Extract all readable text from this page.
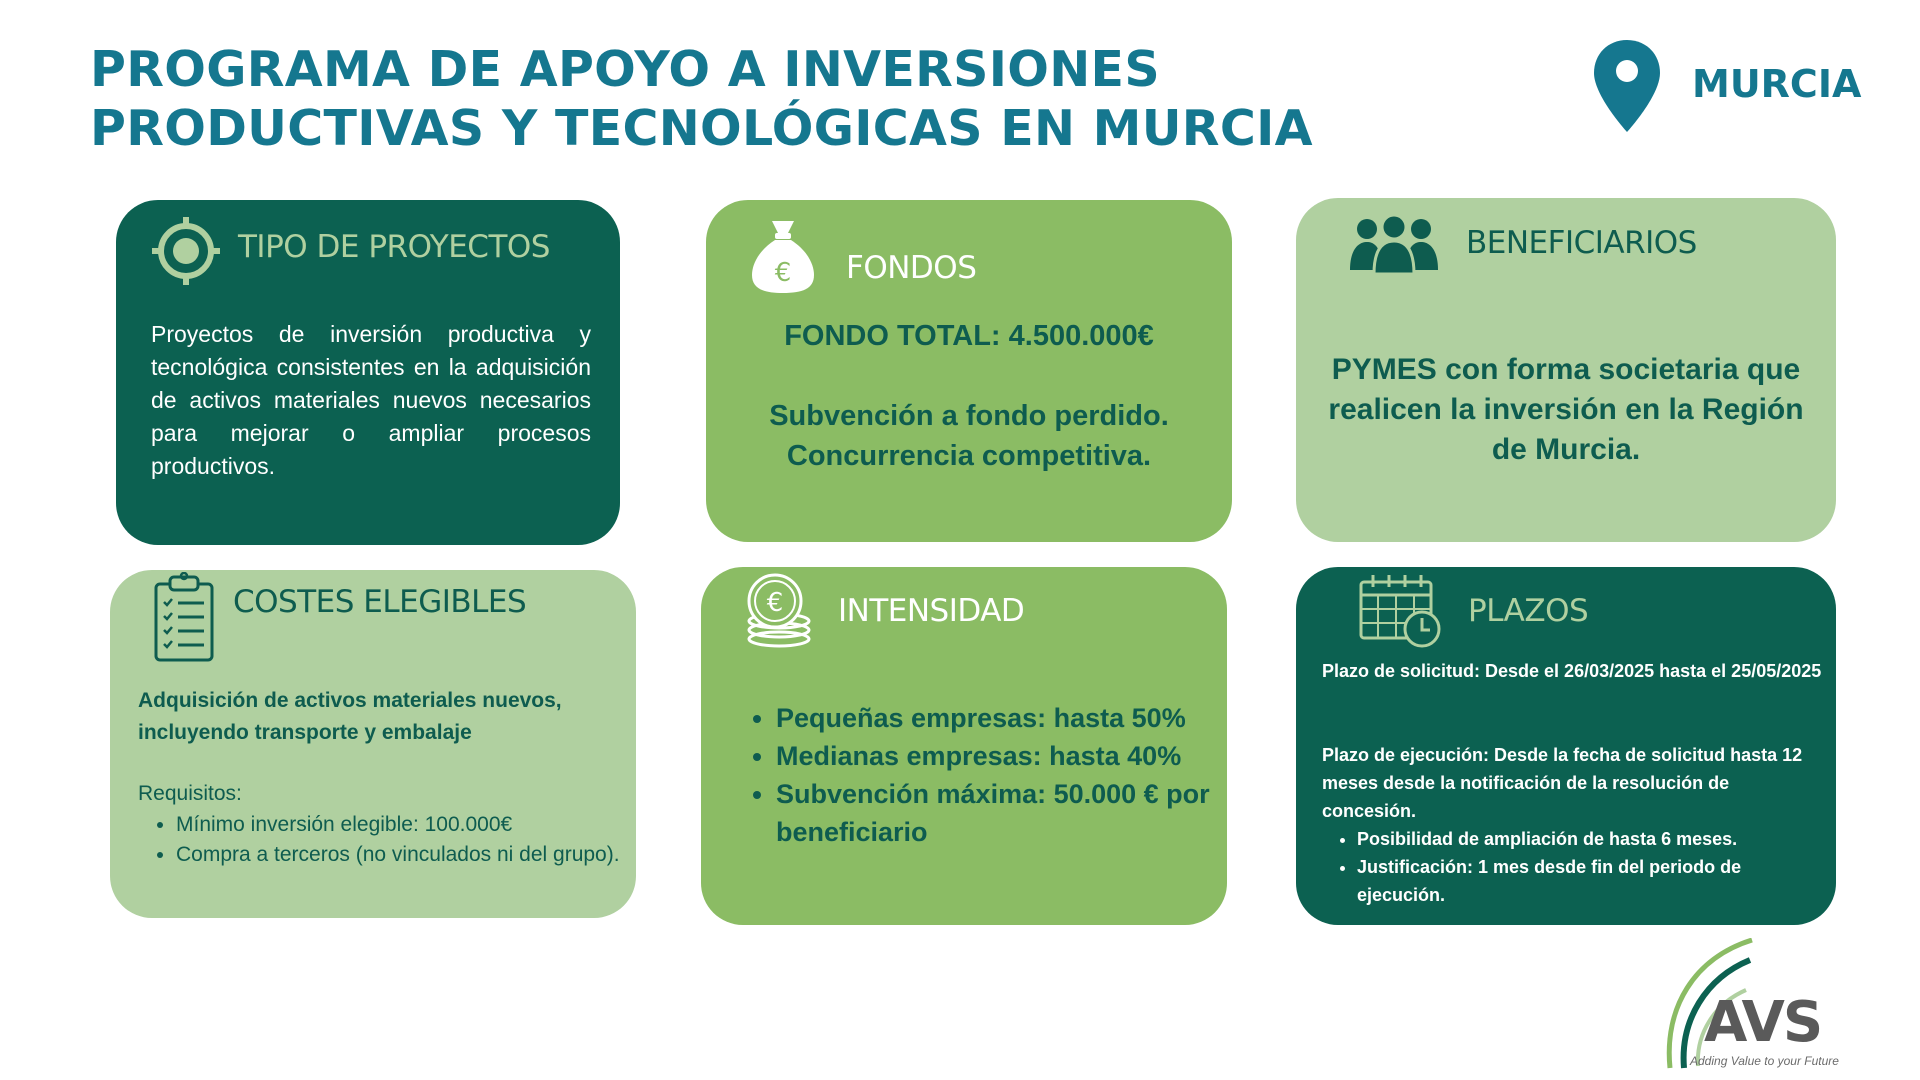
PROGRAMA DE APOYO A INVERSIONES
PRODUCTIVAS Y TECNOLÓGICAS EN MURCIA
MURCIA
TIPO DE PROYECTOS

Proyectos de inversión productiva y tecnológica consistentes en la adquisición de activos materiales nuevos necesarios para mejorar o ampliar procesos productivos.

€ FONDOS

FONDO TOTAL: 4.500.000€

Subvención a fondo perdido.

Concurrencia competitiva.

BENEFICIARIOS

PYMES con forma societaria que realicen la inversión en la Región de Murcia.

COSTES ELEGIBLES

Adquisición de activos materiales nuevos, incluyendo transporte y embalaje

Requisitos:

• Mínimo inversión elegible: 100.000€
• Compra a terceros (no vinculados ni del grupo).
€ INTENSIDAD
• Pequeñas empresas: hasta 50%
• Medianas empresas: hasta 40%
• Subvención máxima: 50.000 € por beneficiario
PLAZOS

Plazo de solicitud: Desde el 26/03/2025 hasta el 25/05/2025

Plazo de ejecución: Desde la fecha de solicitud hasta 12 meses desde la notificación de la resolución de concesión.

• Posibilidad de ampliación de hasta 6 meses.
• Justificación: 1 mes desde fin del periodo de ejecución.
AVS
Adding Value to your Future
